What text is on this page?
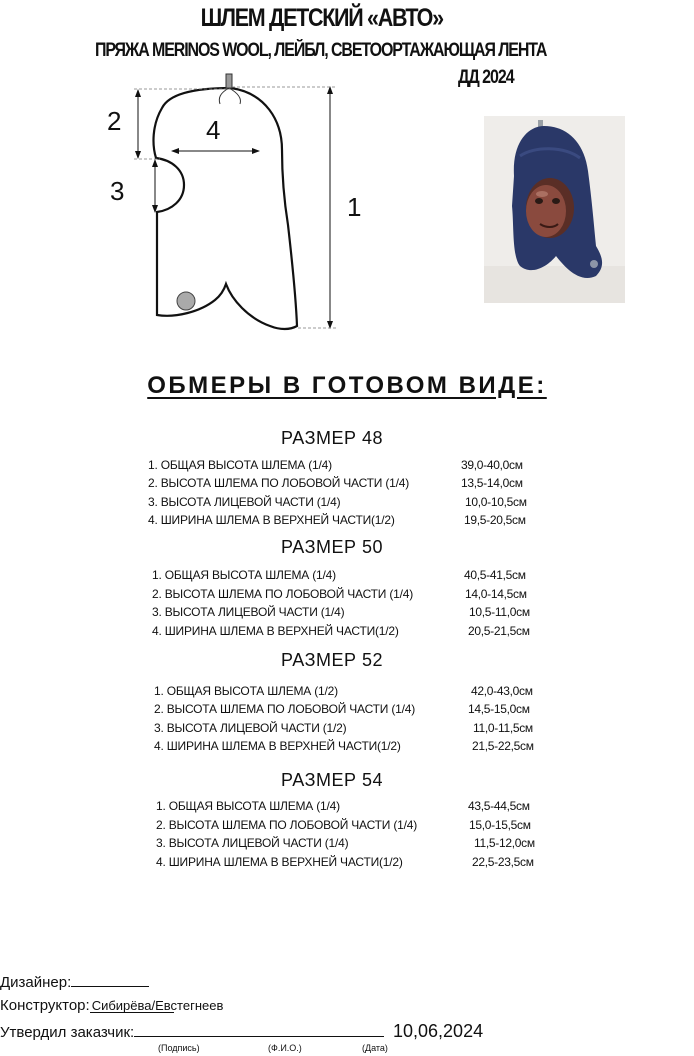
ШЛЕМ ДЕТСКИЙ «АВТО»
ПРЯЖА MERINOS WOOL, ЛЕЙБЛ, СВЕТООРТАЖАЮЩАЯ ЛЕНТА
ДД 2024
1
2
3
4
ОБМЕРЫ В ГОТОВОМ ВИДЕ:
РАЗМЕР 48
1. ОБЩАЯ ВЫСОТА ШЛЕМА (1/4)	39,0-40,0см
2. ВЫСОТА ШЛЕМА ПО ЛОБОВОЙ ЧАСТИ (1/4)	13,5-14,0см
3. ВЫСОТА ЛИЦЕВОЙ ЧАСТИ (1/4)	10,0-10,5см
4. ШИРИНА ШЛЕМА В ВЕРХНЕЙ ЧАСТИ(1/2)	19,5-20,5см
РАЗМЕР 50
1. ОБЩАЯ ВЫСОТА ШЛЕМА (1/4)	40,5-41,5см
2. ВЫСОТА ШЛЕМА ПО ЛОБОВОЙ ЧАСТИ (1/4)	14,0-14,5см
3. ВЫСОТА ЛИЦЕВОЙ ЧАСТИ (1/4)	10,5-11,0см
4. ШИРИНА ШЛЕМА В ВЕРХНЕЙ ЧАСТИ(1/2)	20,5-21,5см
РАЗМЕР 52
1. ОБЩАЯ ВЫСОТА ШЛЕМА (1/2)	42,0-43,0см
2. ВЫСОТА ШЛЕМА ПО ЛОБОВОЙ ЧАСТИ (1/4)	14,5-15,0см
3. ВЫСОТА ЛИЦЕВОЙ ЧАСТИ (1/2)	11,0-11,5см
4. ШИРИНА ШЛЕМА В ВЕРХНЕЙ ЧАСТИ(1/2)	21,5-22,5см
РАЗМЕР 54
1. ОБЩАЯ ВЫСОТА ШЛЕМА (1/4)	43,5-44,5см
2. ВЫСОТА ШЛЕМА ПО ЛОБОВОЙ ЧАСТИ (1/4)	15,0-15,5см
3. ВЫСОТА ЛИЦЕВОЙ ЧАСТИ (1/4)	11,5-12,0см
4. ШИРИНА ШЛЕМА В ВЕРХНЕЙ ЧАСТИ(1/2)	22,5-23,5см
Дизайнер:
Конструктор: Сибирёва/Евстегнеев
Утвердил заказчик:	10,06,2024
(Подпись)	(Ф.И.О.)	(Дата)
